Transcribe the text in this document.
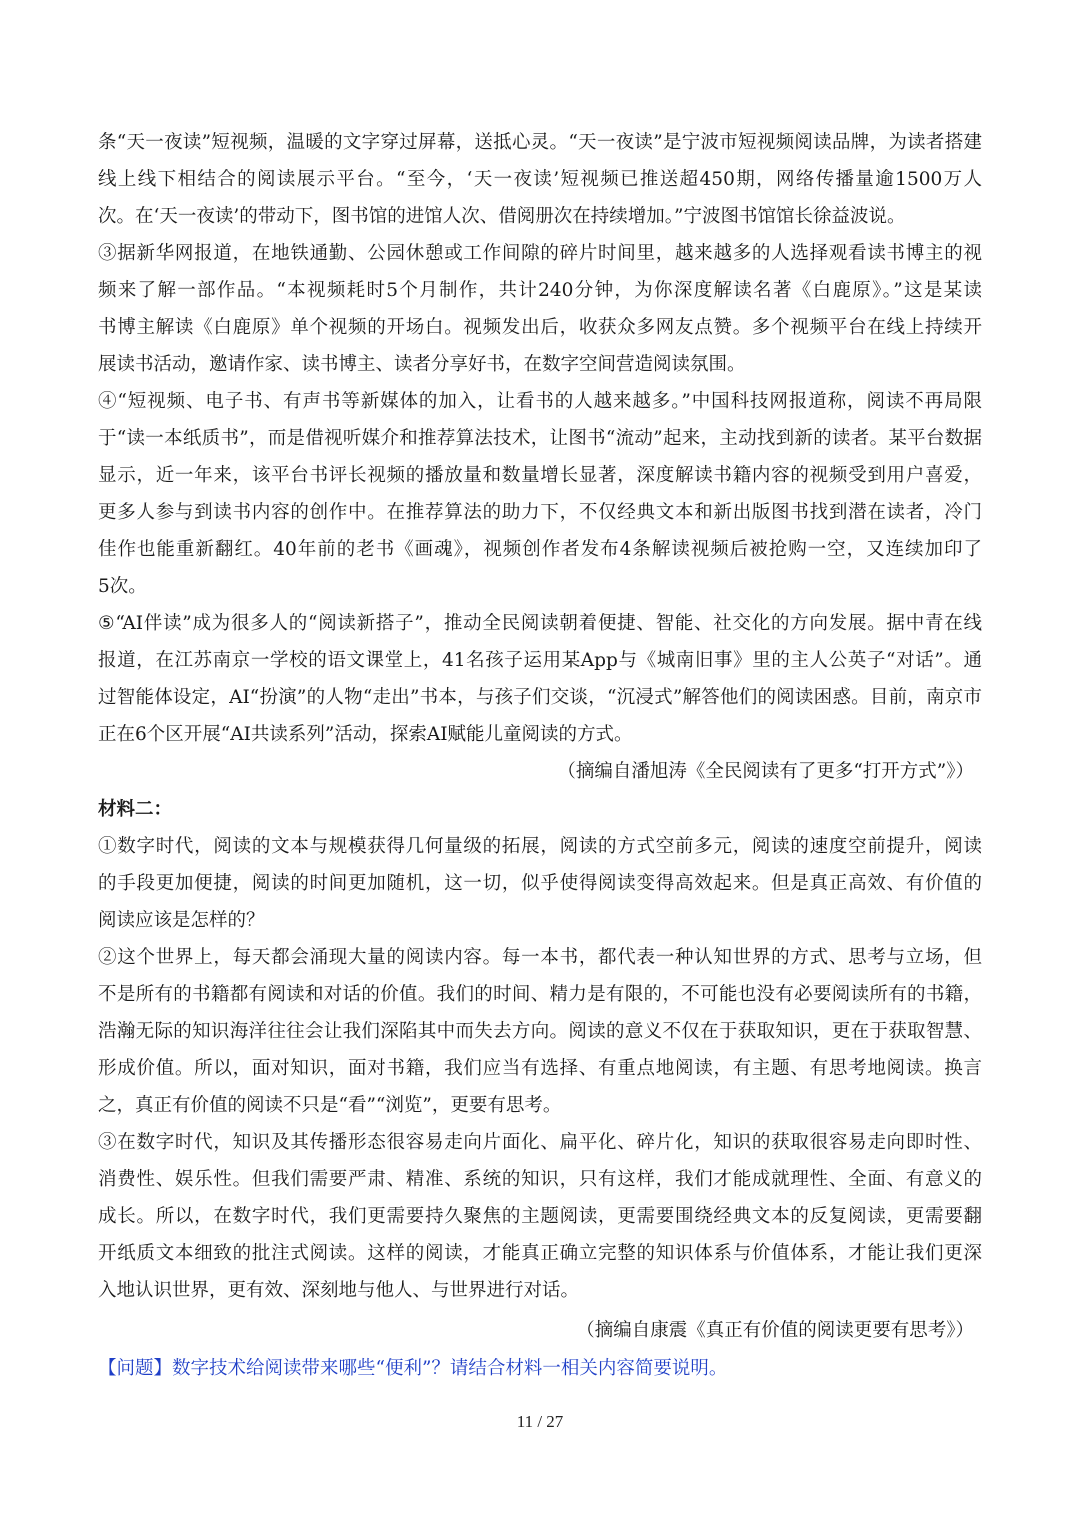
条“天一夜读”短视频，温暖的文字穿过屏幕，送抵心灵。“天一夜读”是宁波市短视频阅读品牌，为读者搭建
线上线下相结合的阅读展示平台。“至今，‘天一夜读’短视频已推送超450期，网络传播量逾1500万人
次。在‘天一夜读’的带动下，图书馆的进馆人次、借阅册次在持续增加。”宁波图书馆馆长徐益波说。
③据新华网报道，在地铁通勤、公园休憩或工作间隙的碎片时间里，越来越多的人选择观看读书博主的视
频来了解一部作品。“本视频耗时5个月制作，共计240分钟，为你深度解读名著《白鹿原》。”这是某读
书博主解读《白鹿原》单个视频的开场白。视频发出后，收获众多网友点赞。多个视频平台在线上持续开
展读书活动，邀请作家、读书博主、读者分享好书，在数字空间营造阅读氛围。
④“短视频、电子书、有声书等新媒体的加入，让看书的人越来越多。”中国科技网报道称，阅读不再局限
于“读一本纸质书”，而是借视听媒介和推荐算法技术，让图书“流动”起来，主动找到新的读者。某平台数据
显示，近一年来，该平台书评长视频的播放量和数量增长显著，深度解读书籍内容的视频受到用户喜爱，
更多人参与到读书内容的创作中。在推荐算法的助力下，不仅经典文本和新出版图书找到潜在读者，冷门
佳作也能重新翻红。40年前的老书《画魂》，视频创作者发布4条解读视频后被抢购一空，又连续加印了
5次。
⑤“AI伴读”成为很多人的“阅读新搭子”，推动全民阅读朝着便捷、智能、社交化的方向发展。据中青在线
报道，在江苏南京一学校的语文课堂上，41名孩子运用某App与《城南旧事》里的主人公英子“对话”。通
过智能体设定，AI“扮演”的人物“走出”书本，与孩子们交谈，“沉浸式”解答他们的阅读困惑。目前，南京市
正在6个区开展“AI共读系列”活动，探索AI赋能儿童阅读的方式。
（摘编自潘旭涛《全民阅读有了更多“打开方式”》）
材料二：
①数字时代，阅读的文本与规模获得几何量级的拓展，阅读的方式空前多元，阅读的速度空前提升，阅读
的手段更加便捷，阅读的时间更加随机，这一切，似乎使得阅读变得高效起来。但是真正高效、有价值的
阅读应该是怎样的？
②这个世界上，每天都会涌现大量的阅读内容。每一本书，都代表一种认知世界的方式、思考与立场，但
不是所有的书籍都有阅读和对话的价值。我们的时间、精力是有限的，不可能也没有必要阅读所有的书籍，
浩瀚无际的知识海洋往往会让我们深陷其中而失去方向。阅读的意义不仅在于获取知识，更在于获取智慧、
形成价值。所以，面对知识，面对书籍，我们应当有选择、有重点地阅读，有主题、有思考地阅读。换言
之，真正有价值的阅读不只是“看”“浏览”，更要有思考。
③在数字时代，知识及其传播形态很容易走向片面化、扁平化、碎片化，知识的获取很容易走向即时性、
消费性、娱乐性。但我们需要严肃、精准、系统的知识，只有这样，我们才能成就理性、全面、有意义的
成长。所以，在数字时代，我们更需要持久聚焦的主题阅读，更需要围绕经典文本的反复阅读，更需要翻
开纸质文本细致的批注式阅读。这样的阅读，才能真正确立完整的知识体系与价值体系，才能让我们更深
入地认识世界，更有效、深刻地与他人、与世界进行对话。
（摘编自康震《真正有价值的阅读更要有思考》）
【问题】数字技术给阅读带来哪些“便利”？请结合材料一相关内容简要说明。
11 / 27
